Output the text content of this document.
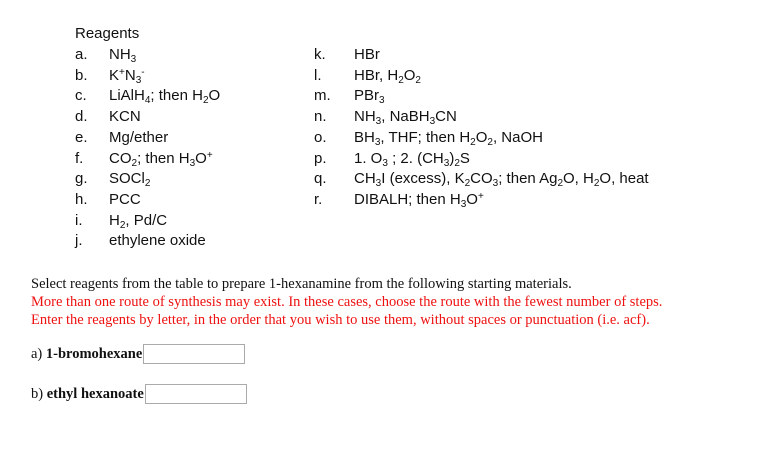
Reagents
a. $NH_3$
b. $K^+N_3^-$
c. LiAlH$_4$; then $H_2O$
d. KCN
e. Mg/ether
f. $CO_2$; then $H_3O^+$
g. SOCl$_2$
h. PCC
i. $H_2$, Pd/C
j. ethylene oxide
k. HBr
l. HBr, $H_2O_2$
m. PBr$_3$
n. $NH_3$, NaBH$_3$CN
o. $BH_3$, THF; then $H_2O_2$, NaOH
p. 1. $O_3$ ; 2. $(CH_3)_2S$
q. $CH_3I$ (excess), $K_2CO_3$; then $Ag_2O$, $H_2O$, heat
r. DIBALH; then $H_3O^+$
Select reagents from the table to prepare 1-hexanamine from the following starting materials.
More than one route of synthesis may exist. In these cases, choose the route with the fewest number of steps.
Enter the reagents by letter, in the order that you wish to use them, without spaces or punctuation (i.e. acf).
a) 1-bromohexane
b) ethyl hexanoate
